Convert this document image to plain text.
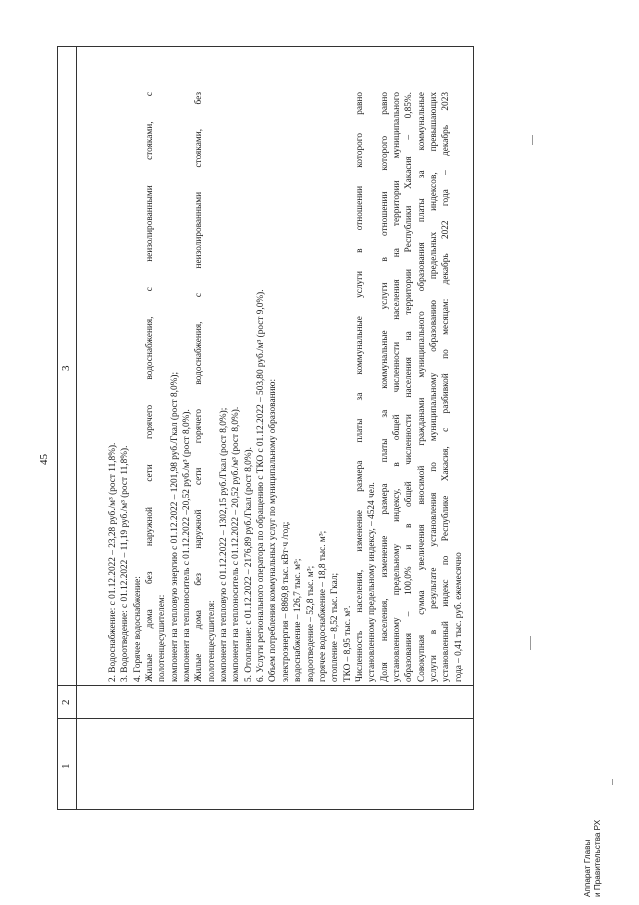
45
1
2
3
2. Водоснабжение: с 01.12.2022 – 23,28 руб./м³ (рост 11,8%). 3. Водоотведение: с 01.12.2022 – 11,19 руб./м³ (рост 11,8%). 4. Горячее водоснабжение: Жилые дома без наружной сети горячего водоснабжения, с неизолированными стояками, с полотенцесушителем: компонент на тепловую энергию с 01.12.2022 – 1201,98 руб./Гкал (рост 8,0%); компонент на теплоноситель с 01.12.2022 –20,52 руб./м³ (рост 8,0%). Жилые дома без наружной сети горячего водоснабжения, с неизолированными стояками, без полотенцесушителя: компонент на тепловую с 01.12.2022 – 1302,15 руб./Гкал (рост 8,0%); компонент на теплоноситель с 01.12.2022 – 20,52 руб./м³ (рост 8,0%). 5. Отопление: с 01.12.2022 – 2176,89 руб./Гкал (рост 8,0%). 6. Услуги регионального оператора по обращению с ТКО с 01.12.2022 – 503,80 руб./м³ (рост 9,0%). Объем потребления коммунальных услуг по муниципальному образованию: электроэнергия – 8869,8 тыс. кВт·ч /год; водоснабжение – 126,7 тыс. м³; водоотведение – 52,8 тыс. м³; горячее водоснабжение – 18,8 тыс. м³; отопление – 8,52 тыс. Гкал; ТКО – 8,95 тыс. м³. Численность населения, изменение размера платы за коммунальные услуги в отношении которого равно установленному предельному индексу, – 4524 чел. Доля населения, изменение размера платы за коммунальные услуги в отношении которого равно установленному предельному индексу, в общей численности населения на территории муниципального образования – 100,0% и в общей численности населения на территории Республики Хакасия – 0,85%. Совокупная сумма увеличения вносимой гражданами муниципального образования платы за коммунальные услуги в результате установления по муниципальному образованию предельных индексов, превышающих установленный индекс по Республике Хакасия, с разбивкой по месяцам: декабрь 2022 года – декабрь 2023 года – 0,41 тыс. руб. ежемесячно
Аппарат Главы и Правительства РХ
